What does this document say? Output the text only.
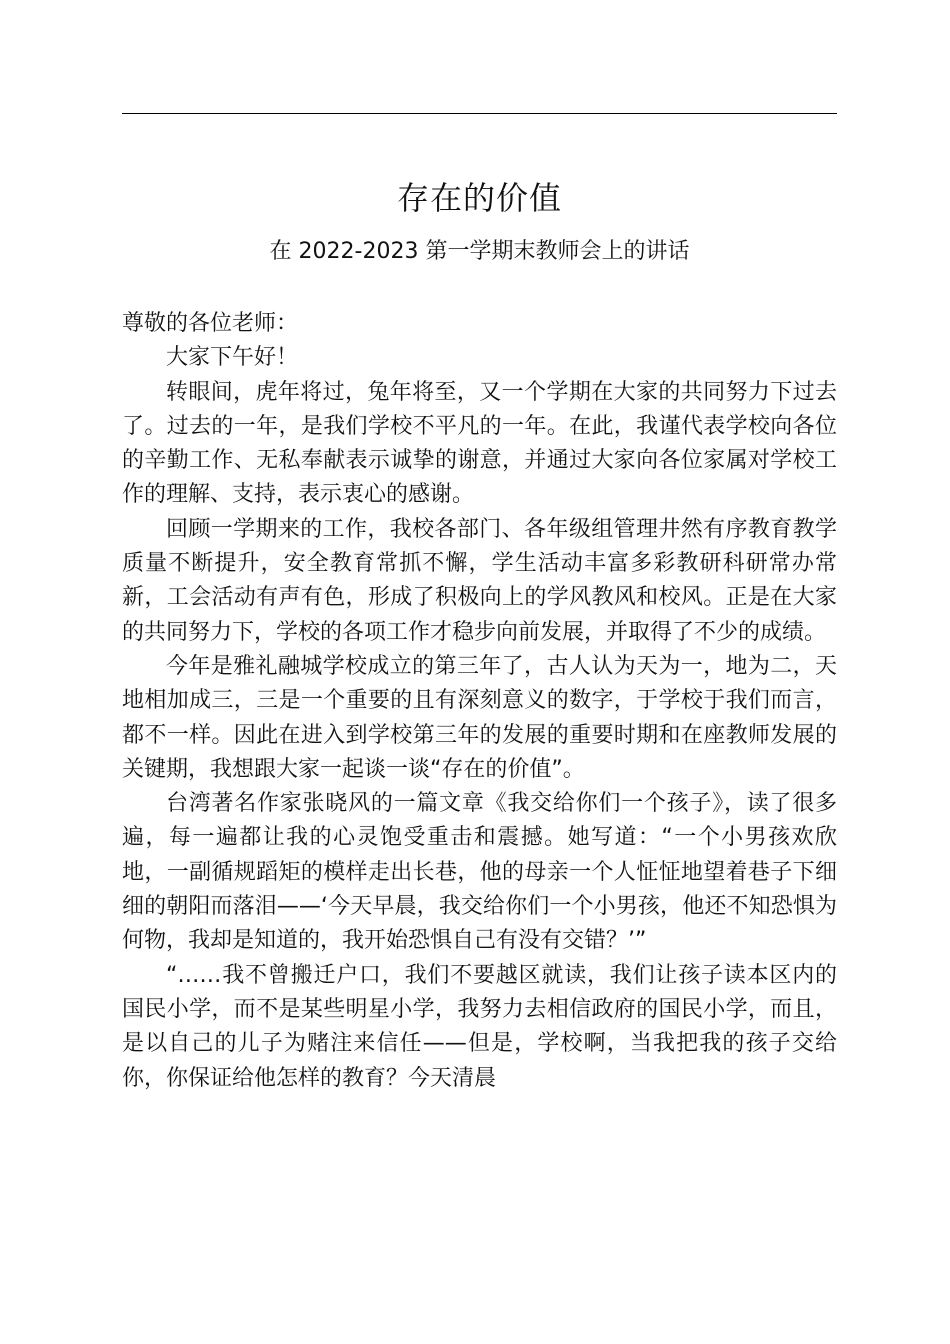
存在的价值
在 2022-2023 第一学期末教师会上的讲话

尊敬的各位老师：

大家下午好！

转眼间，虎年将过，兔年将至，又一个学期在大家的共同努力下过去了。过去的一年，是我们学校不平凡的一年。在此，我谨代表学校向各位的辛勤工作、无私奉献表示诚挚的谢意，并通过大家向各位家属对学校工作的理解、支持，表示衷心的感谢。

回顾一学期来的工作，我校各部门、各年级组管理井然有序教育教学质量不断提升，安全教育常抓不懈，学生活动丰富多彩教研科研常办常新，工会活动有声有色，形成了积极向上的学风教风和校风。正是在大家的共同努力下，学校的各项工作才稳步向前发展，并取得了不少的成绩。

今年是雅礼融城学校成立的第三年了，古人认为天为一，地为二，天地相加成三，三是一个重要的且有深刻意义的数字，于学校于我们而言，都不一样。因此在进入到学校第三年的发展的重要时期和在座教师发展的关键期，我想跟大家一起谈一谈“存在的价值”。

台湾著名作家张晓风的一篇文章《我交给你们一个孩子》，读了很多遍，每一遍都让我的心灵饱受重击和震撼。她写道：“一个小男孩欢欣地，一副循规蹈矩的模样走出长巷，他的母亲一个人怔怔地望着巷子下细细的朝阳而落泪——‘今天早晨，我交给你们一个小男孩，他还不知恐惧为何物，我却是知道的，我开始恐惧自己有没有交错？’”

“……我不曾搬迁户口，我们不要越区就读，我们让孩子读本区内的国民小学，而不是某些明星小学，我努力去相信政府的国民小学，而且，是以自己的儿子为赌注来信任——但是，学校啊，当我把我的孩子交给你，你保证给他怎样的教育？今天清晨
